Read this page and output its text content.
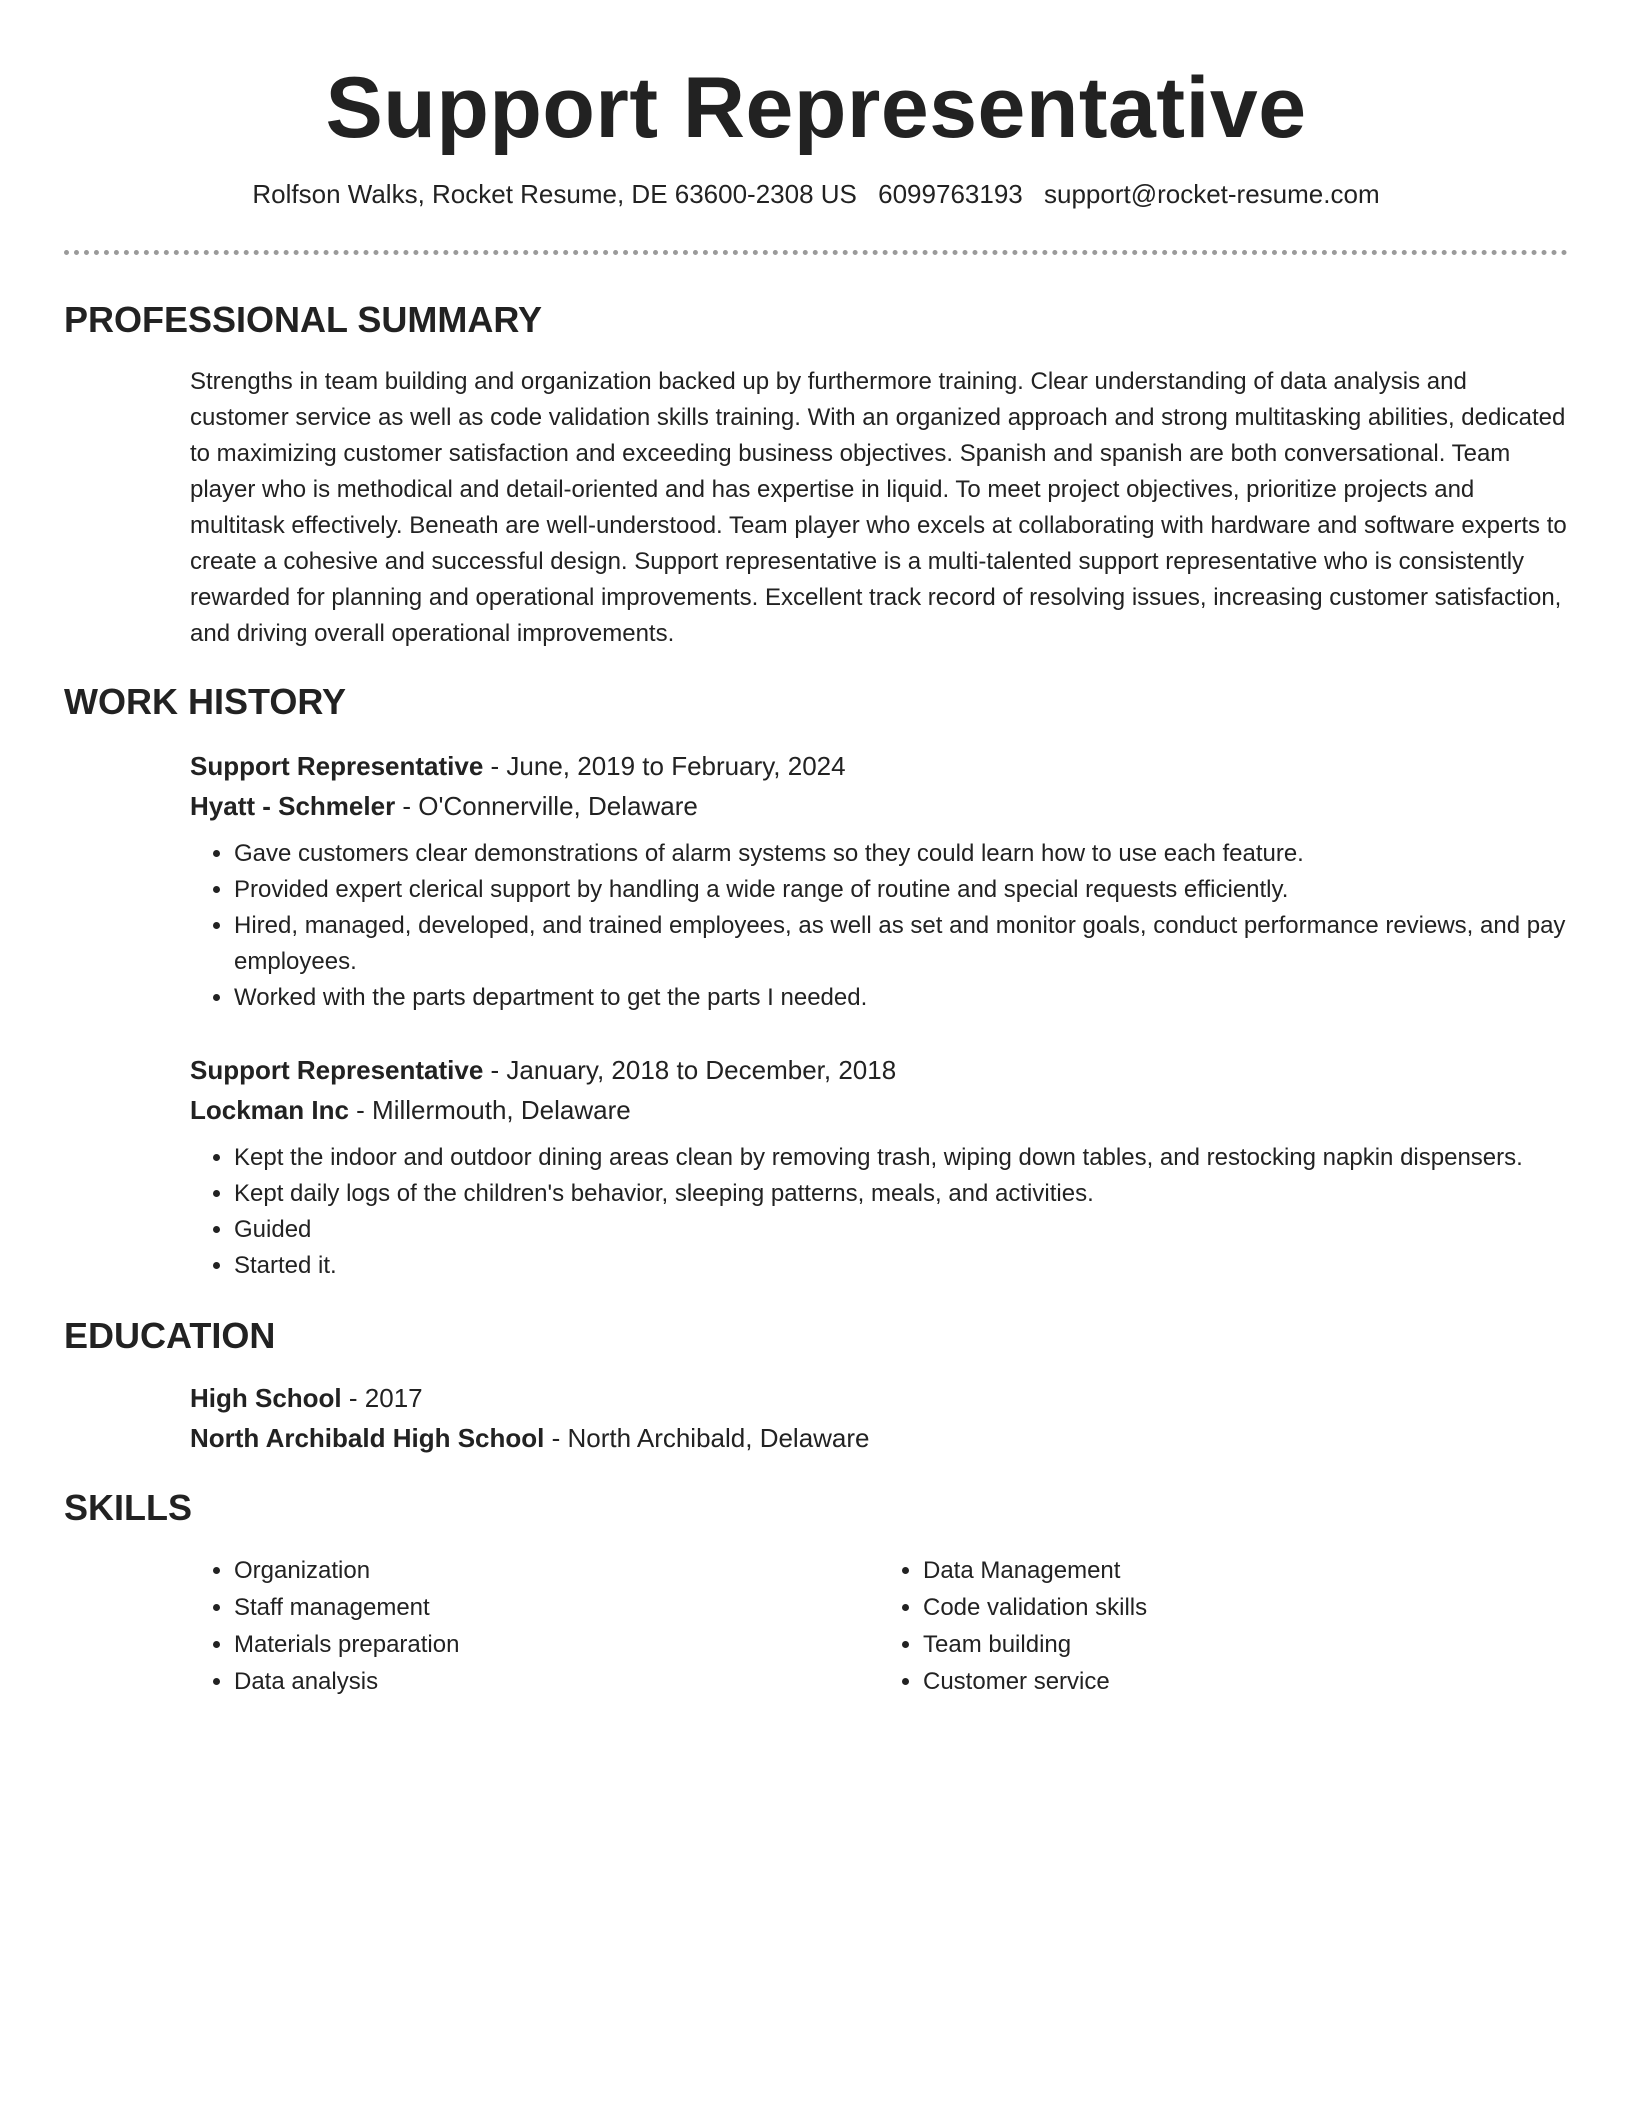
Support Representative

Rolfson Walks, Rocket Resume, DE 63600-2308 US 6099763193 support@rocket-resume.com

PROFESSIONAL SUMMARY

Strengths in team building and organization backed up by furthermore training. Clear understanding of data analysis and customer service as well as code validation skills training. With an organized approach and strong multitasking abilities, dedicated to maximizing customer satisfaction and exceeding business objectives. Spanish and spanish are both conversational. Team player who is methodical and detail-oriented and has expertise in liquid. To meet project objectives, prioritize projects and multitask effectively. Beneath are well-understood. Team player who excels at collaborating with hardware and software experts to create a cohesive and successful design. Support representative is a multi-talented support representative who is consistently rewarded for planning and operational improvements. Excellent track record of resolving issues, increasing customer satisfaction, and driving overall operational improvements.

WORK HISTORY

Support Representative - June, 2019 to February, 2024

Hyatt - Schmeler - O'Connerville, Delaware

• Gave customers clear demonstrations of alarm systems so they could learn how to use each feature.
• Provided expert clerical support by handling a wide range of routine and special requests efficiently.
• Hired, managed, developed, and trained employees, as well as set and monitor goals, conduct performance reviews, and pay employees.
• Worked with the parts department to get the parts I needed.

Support Representative - January, 2018 to December, 2018

Lockman Inc - Millermouth, Delaware

• Kept the indoor and outdoor dining areas clean by removing trash, wiping down tables, and restocking napkin dispensers.
• Kept daily logs of the children's behavior, sleeping patterns, meals, and activities.
• Guided
• Started it.
EDUCATION

High School - 2017

North Archibald High School - North Archibald, Delaware

SKILLS
• Organization
• Staff management
• Materials preparation
• Data analysis
• Data Management
• Code validation skills
• Team building
• Customer service
